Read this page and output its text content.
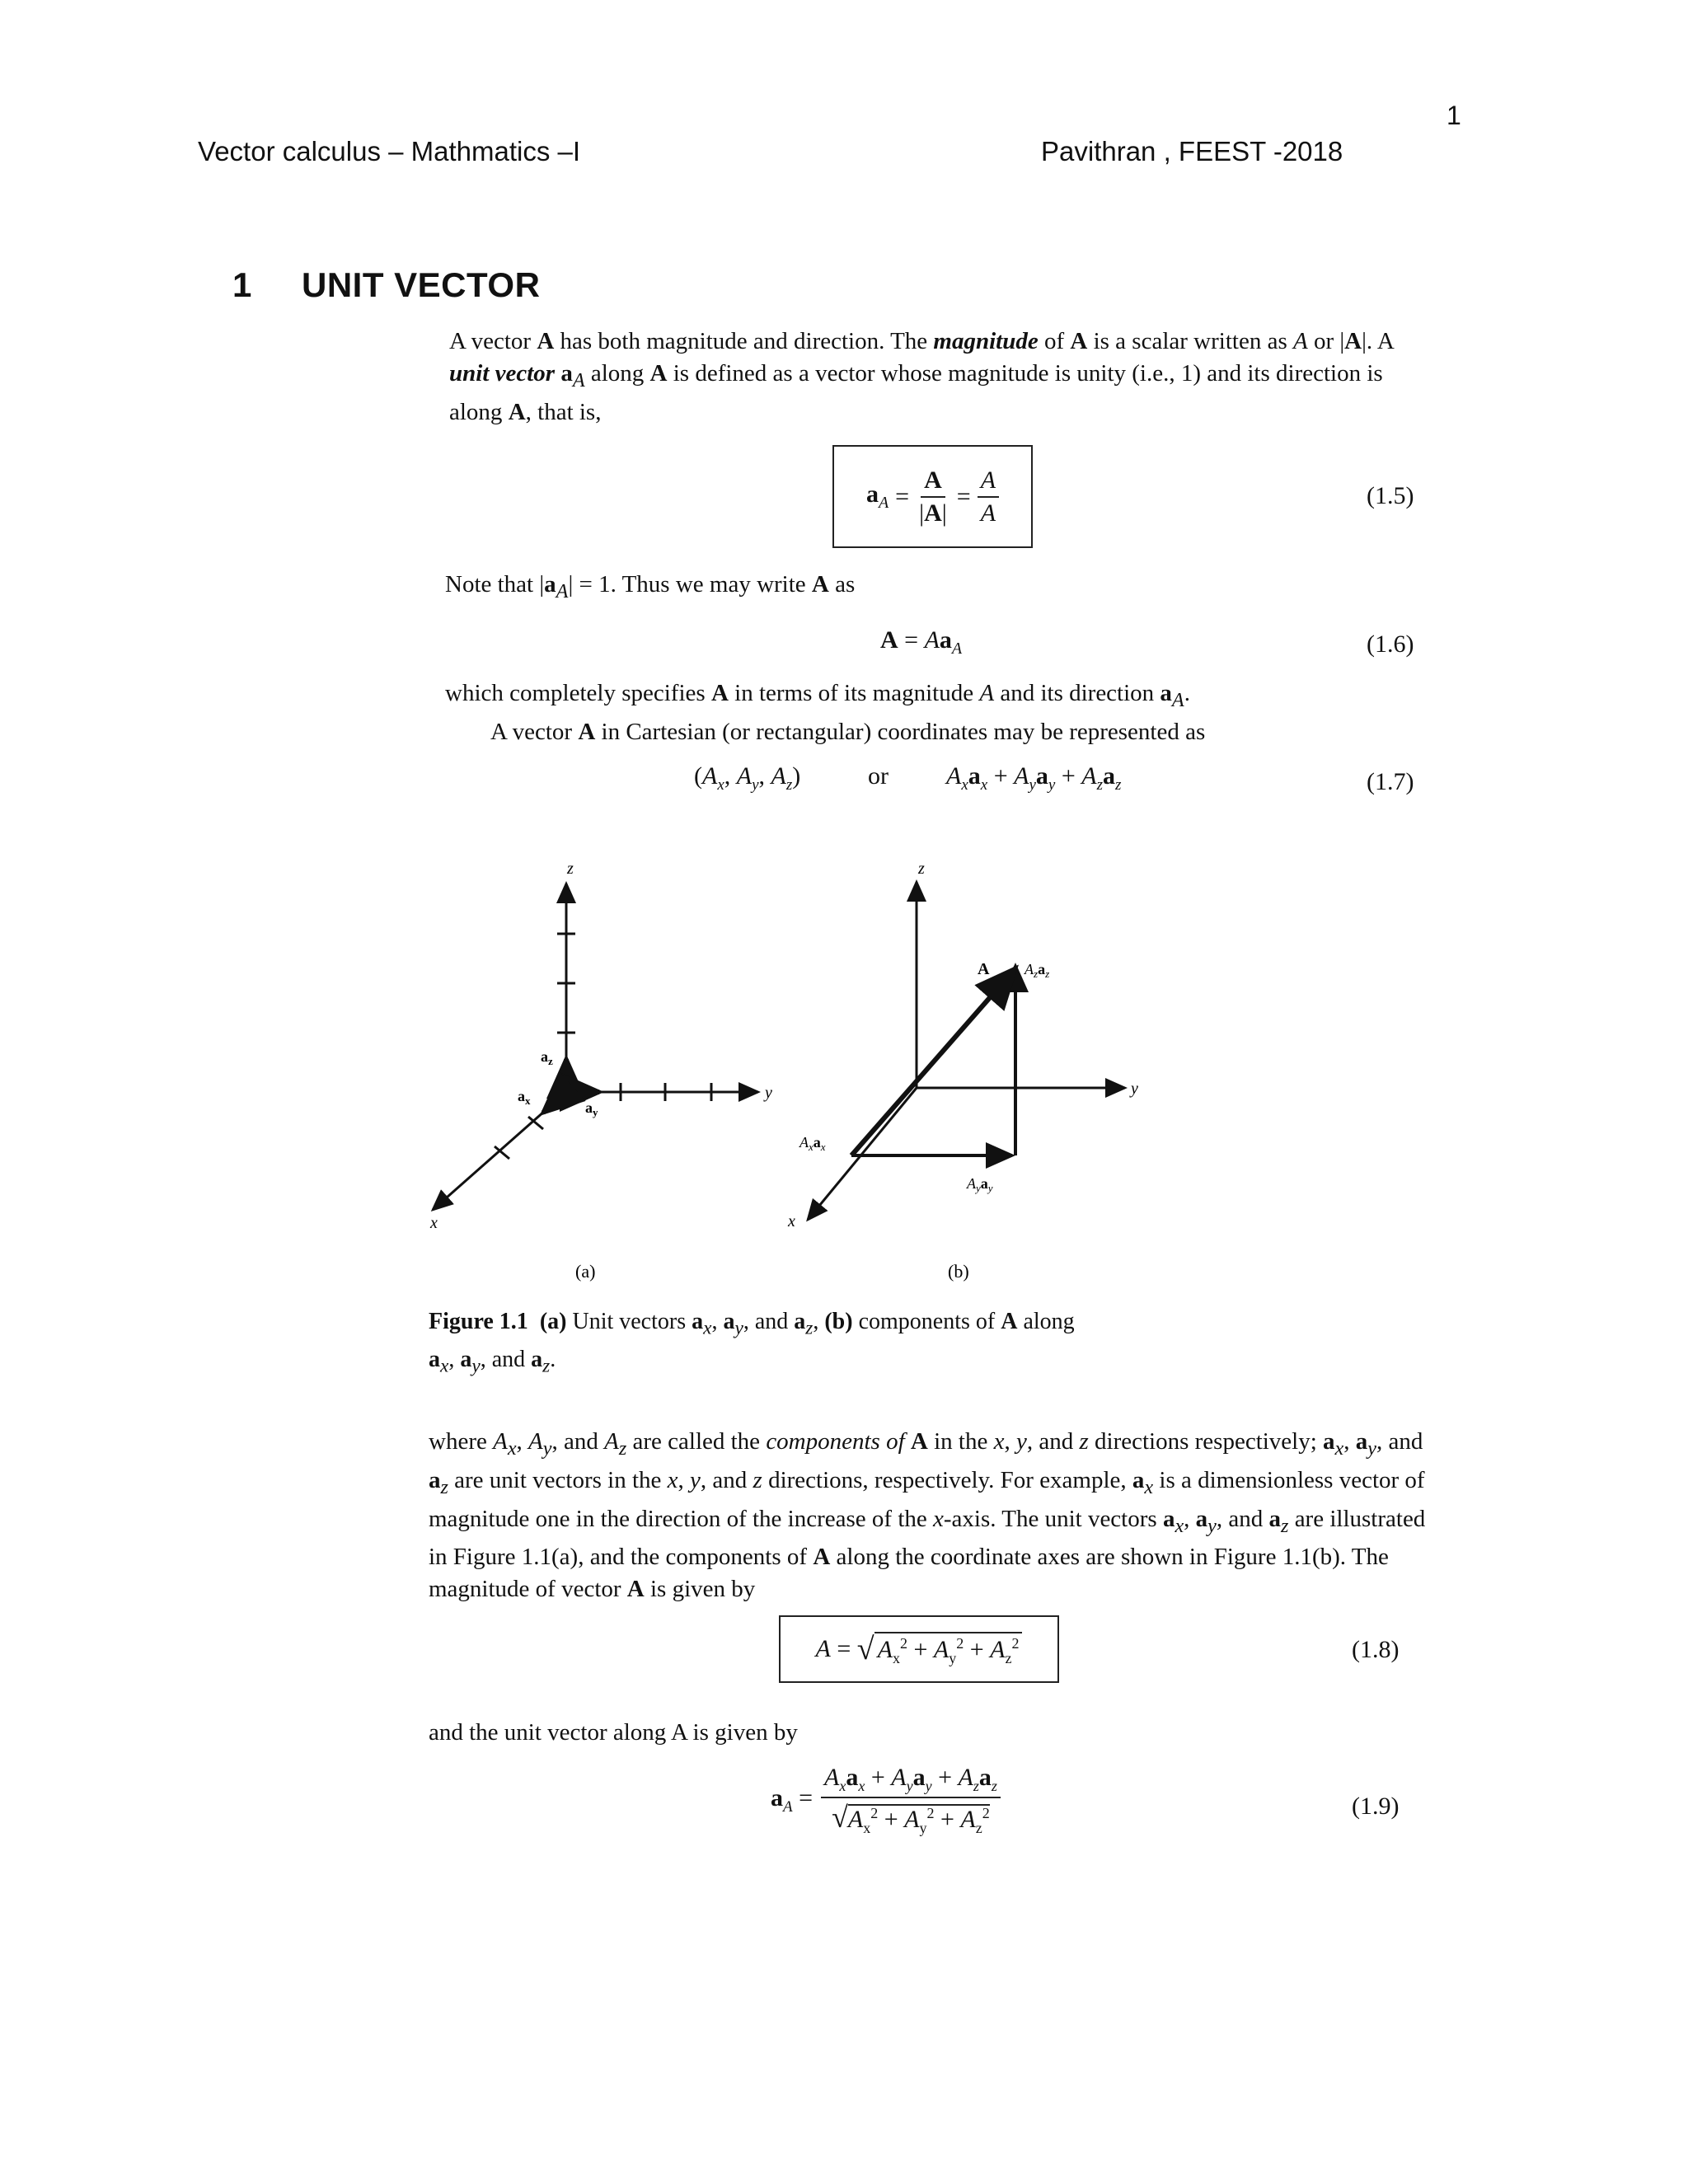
1
Vector calculus – Mathmatics –I	Pavithran , FEEST -2018
1 UNIT VECTOR
A vector A has both magnitude and direction. The magnitude of A is a scalar written as A or |A|. A unit vector $a_A$ along A is defined as a vector whose magnitude is unity (i.e., 1) and its direction is along A, that is,
$a_A = \frac{A}{|A|} = \frac{A}{A}$	(1.5)
Note that $|a_A| = 1$. Thus we may write A as
$A = Aa_A$	(1.6)
which completely specifies A in terms of its magnitude A and its direction $a_A$.
A vector A in Cartesian (or rectangular) coordinates may be represented as
($A_x$, $A_y$, $A_z$)	or $A_xa_x + A_ya_y + A_za_z$	(1.7)
z
y
x
$a_z$
$a_y$
$a_x$
(a)
z
y
x
A $A_za_z$
$A_xa_x$
$A_ya_y$
(b)
Figure 1.1 (a) Unit vectors $a_x$, $a_y$, and $a_z$, (b) components of A along
$a_x$, $a_y$, and $a_z$.
where $A_x$, $A_y$, and $A_z$ are called the components of A in the x, y, and z directions respectively; $a_x$, $a_y$, and $a_z$ are unit vectors in the x, y, and z directions, respectively. For example, $a_x$ is a dimensionless vector of magnitude one in the direction of the increase of the x-axis. The unit vectors $a_x$, $a_y$, and $a_z$ are illustrated in Figure 1.1(a), and the components of A along the coordinate axes are shown in Figure 1.1(b). The magnitude of vector A is given by
A = √ $A_x^2 + A_y^2 + A_z^2$	(1.8)
and the unit vector along A is given by
$a_A = \frac{A_xa_x + A_ya_y + A_za_z}{√A_x^2 + A_y^2 + A_z^2}$	(1.9)
